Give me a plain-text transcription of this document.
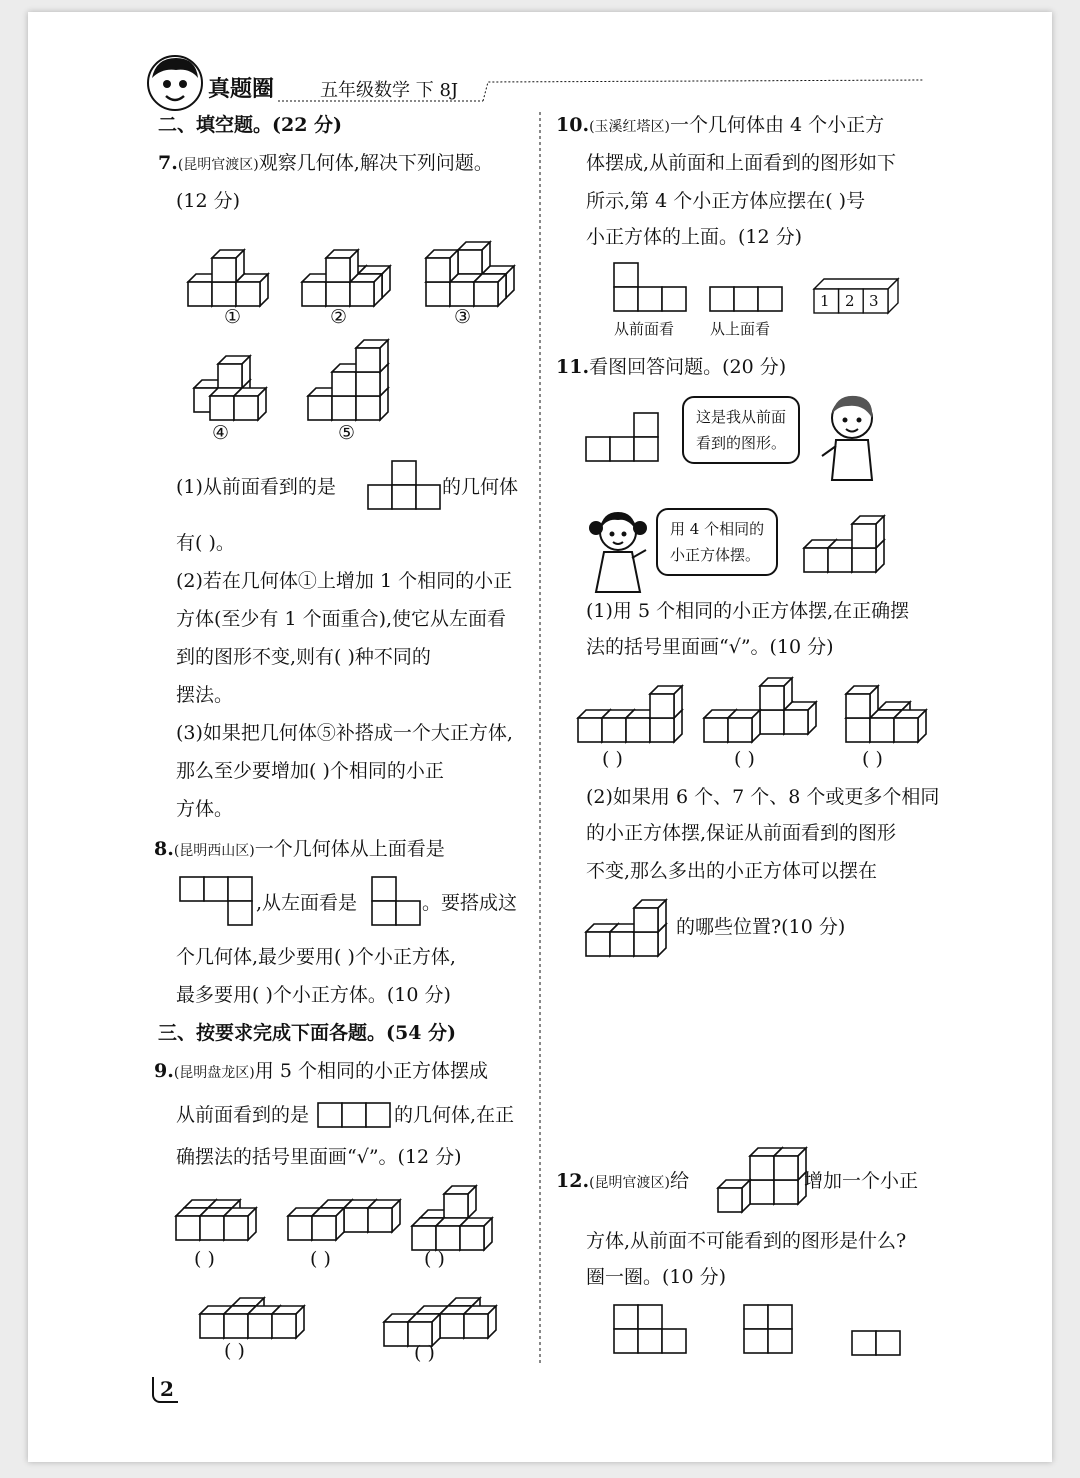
真题圈	五年级数学 下 8J
二、填空题。(22 分)
7.(昆明官渡区)观察几何体,解决下列问题。
(12 分)
①	②	③
④	⑤
(1)从前面看到的是	的几何体
有( )。
(2)若在几何体①上增加 1 个相同的小正
方体(至少有 1 个面重合),使它从左面看
到的图形不变,则有( )种不同的
摆法。
(3)如果把几何体⑤补搭成一个大正方体,
那么至少要增加( )个相同的小正
方体。
8.(昆明西山区)一个几何体从上面看是
,从左面看是	。要搭成这
个几何体,最少要用( )个小正方体,
最多要用( )个小正方体。(10 分)
三、按要求完成下面各题。(54 分)
9.(昆明盘龙区)用 5 个相同的小正方体摆成
从前面看到的是	的几何体,在正
确摆法的括号里面画“√”。(12 分)
( )	( )	( )
( )	( )
2
10.(玉溪红塔区)一个几何体由 4 个小正方
体摆成,从前面和上面看到的图形如下
所示,第 4 个小正方体应摆在( )号
小正方体的上面。(12 分)
从前面看 从上面看
1 2 3
11.看图回答问题。(20 分)
这是我从前面
看到的图形。
用 4 个相同的
小正方体摆。
(1)用 5 个相同的小正方体摆,在正确摆
法的括号里面画“√”。(10 分)
( )	( )	( )
(2)如果用 6 个、7 个、8 个或更多个相同
的小正方体摆,保证从前面看到的图形
不变,那么多出的小正方体可以摆在
的哪些位置?(10 分)
12.(昆明官渡区)给	增加一个小正
方体,从前面不可能看到的图形是什么?
圈一圈。(10 分)
